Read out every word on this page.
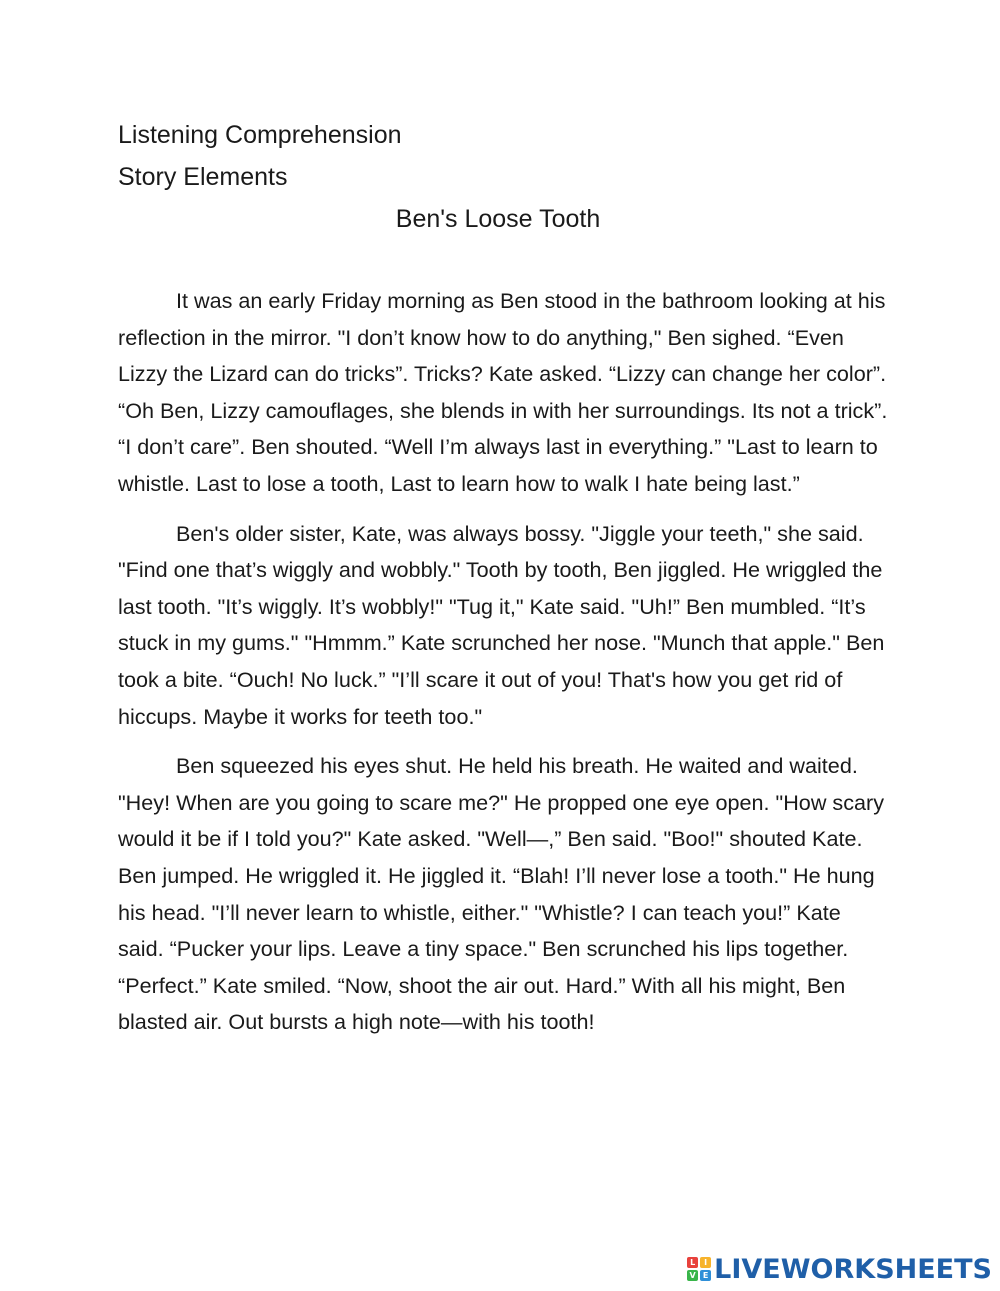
Listening Comprehension
Story Elements
Ben's Loose Tooth

It was an early Friday morning as Ben stood in the bathroom looking at his reflection in the mirror. "I don’t know how to do anything," Ben sighed. “Even Lizzy the Lizard can do tricks”. Tricks? Kate asked. “Lizzy can change her color”. “Oh Ben, Lizzy camouflages, she blends in with her surroundings. Its not a trick”. “I don’t care”. Ben shouted. “Well I’m always last in everything.” "Last to learn to whistle. Last to lose a tooth, Last to learn how to walk I hate being last.”

Ben's older sister, Kate, was always bossy. "Jiggle your teeth," she said. "Find one that’s wiggly and wobbly." Tooth by tooth, Ben jiggled. He wriggled the last tooth. "It’s wiggly. It’s wobbly!" "Tug it," Kate said. "Uh!” Ben mumbled. “It’s stuck in my gums." "Hmmm.” Kate scrunched her nose. "Munch that apple." Ben took a bite. “Ouch! No luck.” "I’ll scare it out of you! That's how you get rid of hiccups. Maybe it works for teeth too."

Ben squeezed his eyes shut. He held his breath. He waited and waited. "Hey! When are you going to scare me?" He propped one eye open. "How scary would it be if I told you?" Kate asked. "Well—,” Ben said. "Boo!" shouted Kate. Ben jumped. He wriggled it. He jiggled it. “Blah! I’ll never lose a tooth." He hung his head. "I’ll never learn to whistle, either." "Whistle? I can teach you!” Kate said. “Pucker your lips. Leave a tiny space." Ben scrunched his lips together. “Perfect.” Kate smiled. “Now, shoot the air out. Hard.” With all his might, Ben blasted air. Out bursts a high note—with his tooth!

L	I
V E LIVEWORKSHEETS
